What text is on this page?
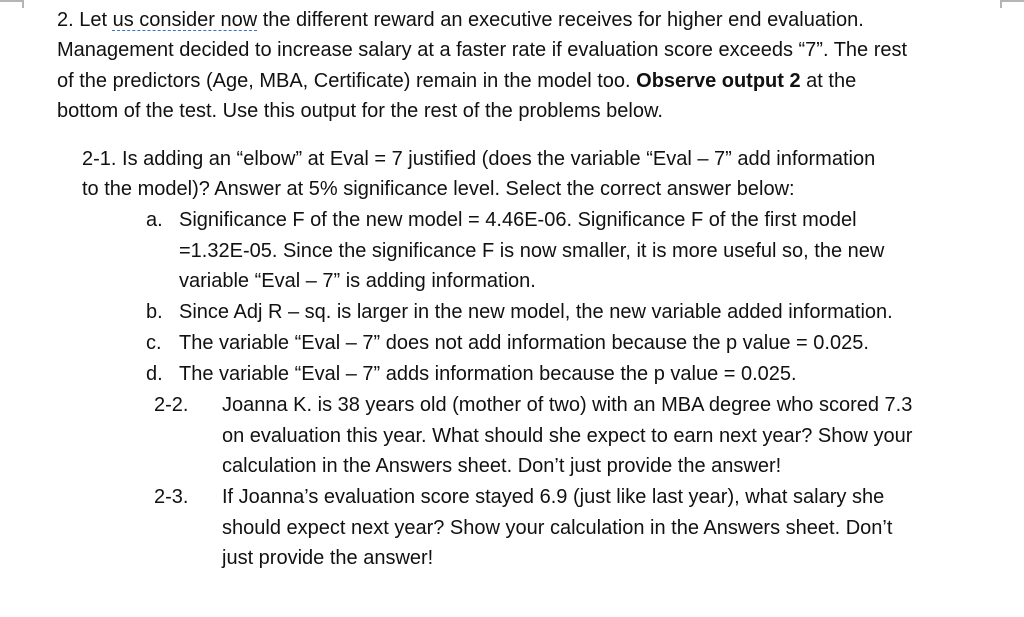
2. Let us consider now the different reward an executive receives for higher end evaluation.
Management decided to increase salary at a faster rate if evaluation score exceeds “7”. The rest
of the predictors (Age, MBA, Certificate) remain in the model too. Observe output 2 at the
bottom of the test. Use this output for the rest of the problems below.
2-1. Is adding an “elbow” at Eval = 7 justified (does the variable “Eval – 7” add information
to the model)? Answer at 5% significance level. Select the correct answer below:
a. Significance F of the new model = 4.46E-06. Significance F of the first model
=1.32E-05. Since the significance F is now smaller, it is more useful so, the new
variable “Eval – 7” is adding information.
b. Since Adj R – sq. is larger in the new model, the new variable added information.
c. The variable “Eval – 7” does not add information because the p value = 0.025.
d. The variable “Eval – 7” adds information because the p value = 0.025.
2-2. Joanna K. is 38 years old (mother of two) with an MBA degree who scored 7.3
on evaluation this year. What should she expect to earn next year? Show your
calculation in the Answers sheet. Don’t just provide the answer!
2-3. If Joanna’s evaluation score stayed 6.9 (just like last year), what salary she
should expect next year? Show your calculation in the Answers sheet. Don’t
just provide the answer!
